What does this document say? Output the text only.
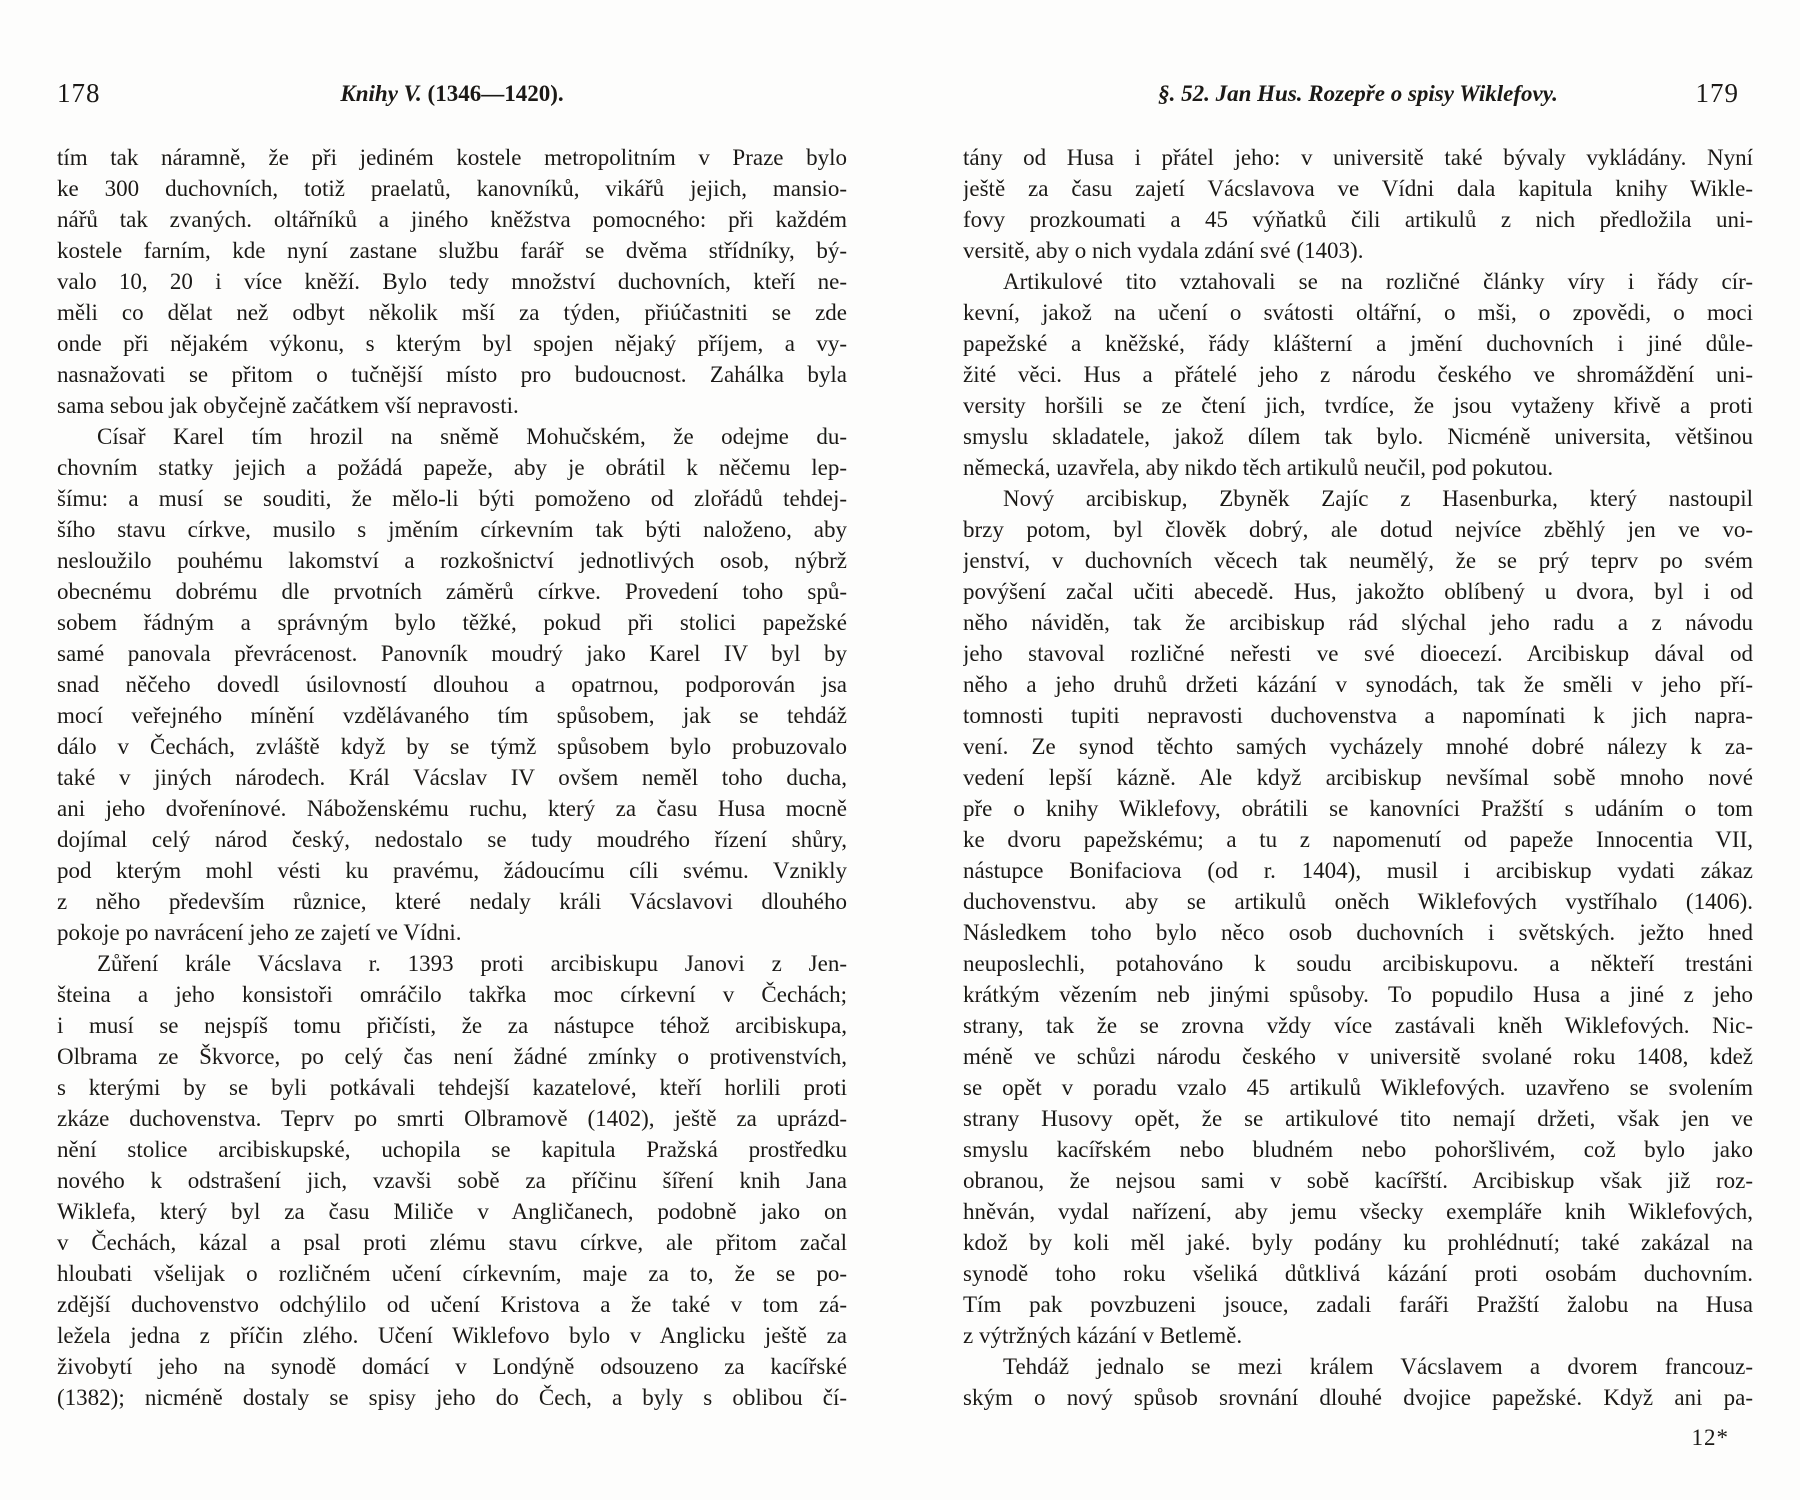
178	Knihy V. (1346—1420).
tím tak náramně, že při jediném kostele metropolitním v Praze bylo
ke 300 duchovních, totiž praelatů, kanovníků, vikářů jejich, mansio-
nářů tak zvaných. oltářníků a jiného kněžstva pomocného: při každém
kostele farním, kde nyní zastane službu farář se dvěma střídníky, bý-
valo 10, 20 i více kněží. Bylo tedy množství duchovních, kteří ne-
měli co dělat než odbyt několik mší za týden, přiúčastniti se zde
onde při nějakém výkonu, s kterým byl spojen nějaký příjem, a vy-
nasnažovati se přitom o tučnější místo pro budoucnost. Zahálka byla
sama sebou jak obyčejně začátkem vší nepravosti.
Císař Karel tím hrozil na sněmě Mohučském, že odejme du-
chovním statky jejich a požádá papeže, aby je obrátil k něčemu lep-
šímu: a musí se souditi, že mělo-li býti pomoženo od zlořádů tehdej-
šího stavu církve, musilo s jměním církevním tak býti naloženo, aby
nesloužilo pouhému lakomství a rozkošnictví jednotlivých osob, nýbrž
obecnému dobrému dle prvotních záměrů církve. Provedení toho spů-
sobem řádným a správným bylo těžké, pokud při stolici papežské
samé panovala převrácenost. Panovník moudrý jako Karel IV byl by
snad něčeho dovedl úsilovností dlouhou a opatrnou, podporován jsa
mocí veřejného mínění vzdělávaného tím spůsobem, jak se tehdáž
dálo v Čechách, zvláště když by se týmž spůsobem bylo probuzovalo
také v jiných národech. Král Vácslav IV ovšem neměl toho ducha,
ani jeho dvořenínové. Náboženskému ruchu, který za času Husa mocně
dojímal celý národ český, nedostalo se tudy moudrého řízení shůry,
pod kterým mohl vésti ku pravému, žádoucímu cíli svému. Vznikly
z něho především různice, které nedaly králi Vácslavovi dlouhého
pokoje po navrácení jeho ze zajetí ve Vídni.
Zůření krále Vácslava r. 1393 proti arcibiskupu Janovi z Jen-
šteina a jeho konsistoři omráčilo takřka moc církevní v Čechách;
i musí se nejspíš tomu přičísti, že za nástupce téhož arcibiskupa,
Olbrama ze Škvorce, po celý čas není žádné zmínky o protivenstvích,
s kterými by se byli potkávali tehdejší kazatelové, kteří horlili proti
zkáze duchovenstva. Teprv po smrti Olbramově (1402), ještě za uprázd-
nění stolice arcibiskupské, uchopila se kapitula Pražská prostředku
nového k odstrašení jich, vzavši sobě za příčinu šíření knih Jana
Wiklefa, který byl za času Miliče v Angličanech, podobně jako on
v Čechách, kázal a psal proti zlému stavu církve, ale přitom začal
hloubati všelijak o rozličném učení církevním, maje za to, že se po-
zdější duchovenstvo odchýlilo od učení Kristova a že také v tom zá-
ležela jedna z příčin zlého. Učení Wiklefovo bylo v Anglicku ještě za
živobytí jeho na synodě domácí v Londýně odsouzeno za kacířské
(1382); nicméně dostaly se spisy jeho do Čech, a byly s oblibou čí-
§. 52. Jan Hus. Rozepře o spisy Wiklefovy.	179
tány od Husa i přátel jeho: v universitě také bývaly vykládány. Nyní
ještě za času zajetí Vácslavova ve Vídni dala kapitula knihy Wikle-
fovy prozkoumati a 45 výňatků čili artikulů z nich předložila uni-
versitě, aby o nich vydala zdání své (1403).
Artikulové tito vztahovali se na rozličné články víry i řády cír-
kevní, jakož na učení o svátosti oltářní, o mši, o zpovědi, o moci
papežské a kněžské, řády klášterní a jmění duchovních i jiné důle-
žité věci. Hus a přátelé jeho z národu českého ve shromáždění uni-
versity horšili se ze čtení jich, tvrdíce, že jsou vytaženy křivě a proti
smyslu skladatele, jakož dílem tak bylo. Nicméně universita, většinou
německá, uzavřela, aby nikdo těch artikulů neučil, pod pokutou.
Nový arcibiskup, Zbyněk Zajíc z Hasenburka, který nastoupil
brzy potom, byl člověk dobrý, ale dotud nejvíce zběhlý jen ve vo-
jenství, v duchovních věcech tak neumělý, že se prý teprv po svém
povýšení začal učiti abecedě. Hus, jakožto oblíbený u dvora, byl i od
něho náviděn, tak že arcibiskup rád slýchal jeho radu a z návodu
jeho stavoval rozličné neřesti ve své dioecezí. Arcibiskup dával od
něho a jeho druhů držeti kázání v synodách, tak že směli v jeho pří-
tomnosti tupiti nepravosti duchovenstva a napomínati k jich napra-
vení. Ze synod těchto samých vycházely mnohé dobré nálezy k za-
vedení lepší kázně. Ale když arcibiskup nevšímal sobě mnoho nové
pře o knihy Wiklefovy, obrátili se kanovníci Pražští s udáním o tom
ke dvoru papežskému; a tu z napomenutí od papeže Innocentia VII,
nástupce Bonifaciova (od r. 1404), musil i arcibiskup vydati zákaz
duchovenstvu. aby se artikulů oněch Wiklefových vystříhalo (1406).
Následkem toho bylo něco osob duchovních i světských. ježto hned
neuposlechli, potahováno k soudu arcibiskupovu. a někteří trestáni
krátkým vězením neb jinými spůsoby. To popudilo Husa a jiné z jeho
strany, tak že se zrovna vždy více zastávali kněh Wiklefových. Nic-
méně ve schůzi národu českého v universitě svolané roku 1408, kdež
se opět v poradu vzalo 45 artikulů Wiklefových. uzavřeno se svolením
strany Husovy opět, že se artikulové tito nemají držeti, však jen ve
smyslu kacířském nebo bludném nebo pohoršlivém, což bylo jako
obranou, že nejsou sami v sobě kacířští. Arcibiskup však již roz-
hněván, vydal nařízení, aby jemu všecky exempláře knih Wiklefových,
kdož by koli měl jaké. byly podány ku prohlédnutí; také zakázal na
synodě toho roku všeliká důtklivá kázání proti osobám duchovním.
Tím pak povzbuzeni jsouce, zadali faráři Pražští žalobu na Husa
z výtržných kázání v Betlemě.
Tehdáž jednalo se mezi králem Vácslavem a dvorem francouz-
ským o nový spůsob srovnání dlouhé dvojice papežské. Když ani pa-
12*
